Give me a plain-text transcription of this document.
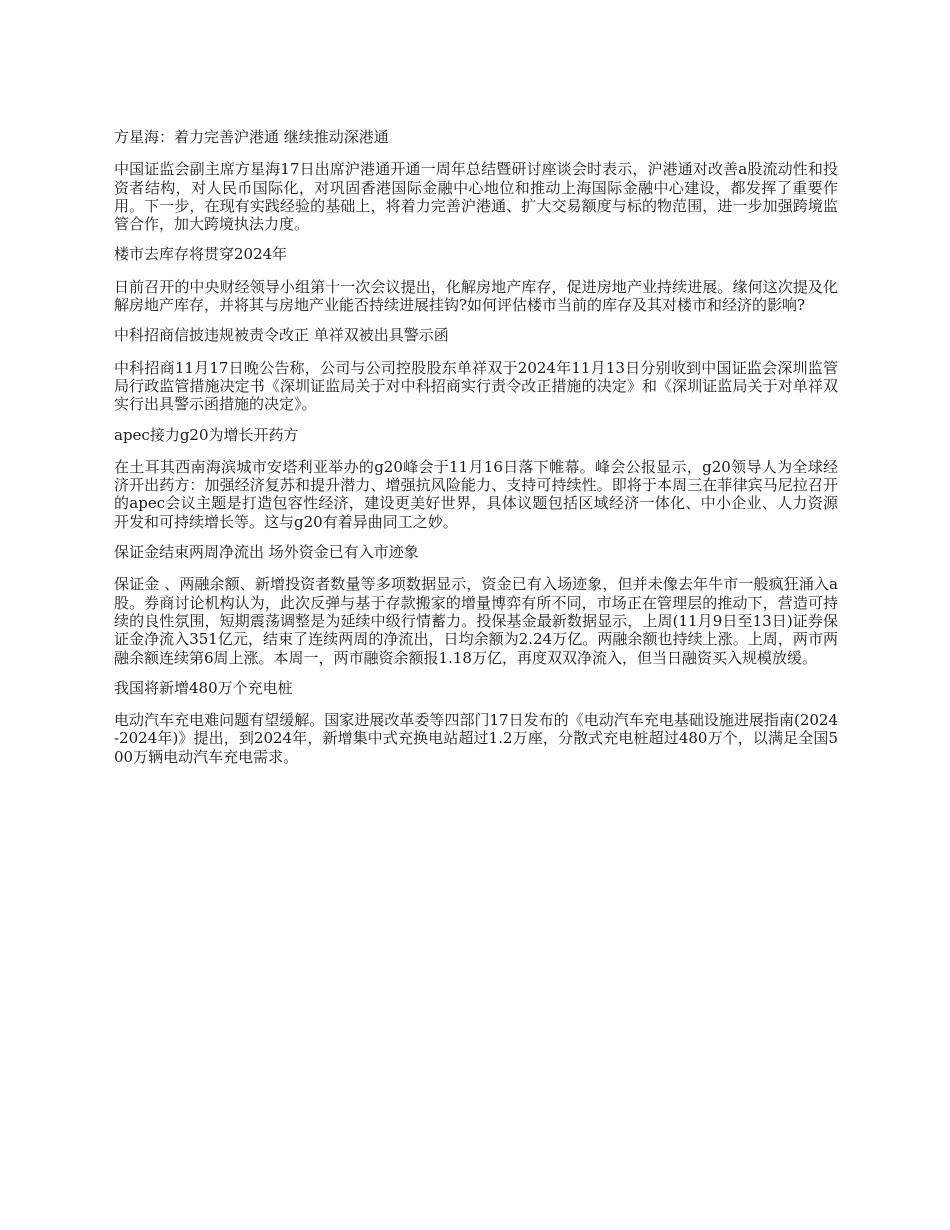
方星海：着力完善沪港通 继续推动深港通
中国证监会副主席方星海17日出席沪港通开通一周年总结暨研讨座谈会时表示，沪港通对改善a股流动性和投资者结构，对人民币国际化，对巩固香港国际金融中心地位和推动上海国际金融中心建设，都发挥了重要作用。下一步，在现有实践经验的基础上，将着力完善沪港通、扩大交易额度与标的物范围，进一步加强跨境监管合作，加大跨境执法力度。
楼市去库存将贯穿2024年
日前召开的中央财经领导小组第十一次会议提出，化解房地产库存，促进房地产业持续进展。缘何这次提及化解房地产库存，并将其与房地产业能否持续进展挂钩?如何评估楼市当前的库存及其对楼市和经济的影响?
中科招商信披违规被责令改正 单祥双被出具警示函
中科招商11月17日晚公告称，公司与公司控股股东单祥双于2024年11月13日分别收到中国证监会深圳监管局行政监管措施决定书《深圳证监局关于对中科招商实行责令改正措施的决定》和《深圳证监局关于对单祥双实行出具警示函措施的决定》。
apec接力g20为增长开药方
在土耳其西南海滨城市安塔利亚举办的g20峰会于11月16日落下帷幕。峰会公报显示，g20领导人为全球经济开出药方：加强经济复苏和提升潜力、增强抗风险能力、支持可持续性。即将于本周三在菲律宾马尼拉召开的apec会议主题是打造包容性经济，建设更美好世界，具体议题包括区域经济一体化、中小企业、人力资源开发和可持续增长等。这与g20有着异曲同工之妙。
保证金结束两周净流出 场外资金已有入市迹象
保证金 、两融余额、新增投资者数量等多项数据显示，资金已有入场迹象，但并未像去年牛市一般疯狂涌入a股。券商讨论机构认为，此次反弹与基于存款搬家的增量博弈有所不同，市场正在管理层的推动下，营造可持续的良性氛围，短期震荡调整是为延续中级行情蓄力。投保基金最新数据显示，上周(11月9日至13日)证券保证金净流入351亿元，结束了连续两周的净流出，日均余额为2.24万亿。两融余额也持续上涨。上周，两市两融余额连续第6周上涨。本周一，两市融资余额报1.18万亿，再度双双净流入，但当日融资买入规模放缓。
我国将新增480万个充电桩
电动汽车充电难问题有望缓解。国家进展改革委等四部门17日发布的《电动汽车充电基础设施进展指南(2024-2024年)》提出，到2024年，新增集中式充换电站超过1.2万座，分散式充电桩超过480万个，以满足全国500万辆电动汽车充电需求。
